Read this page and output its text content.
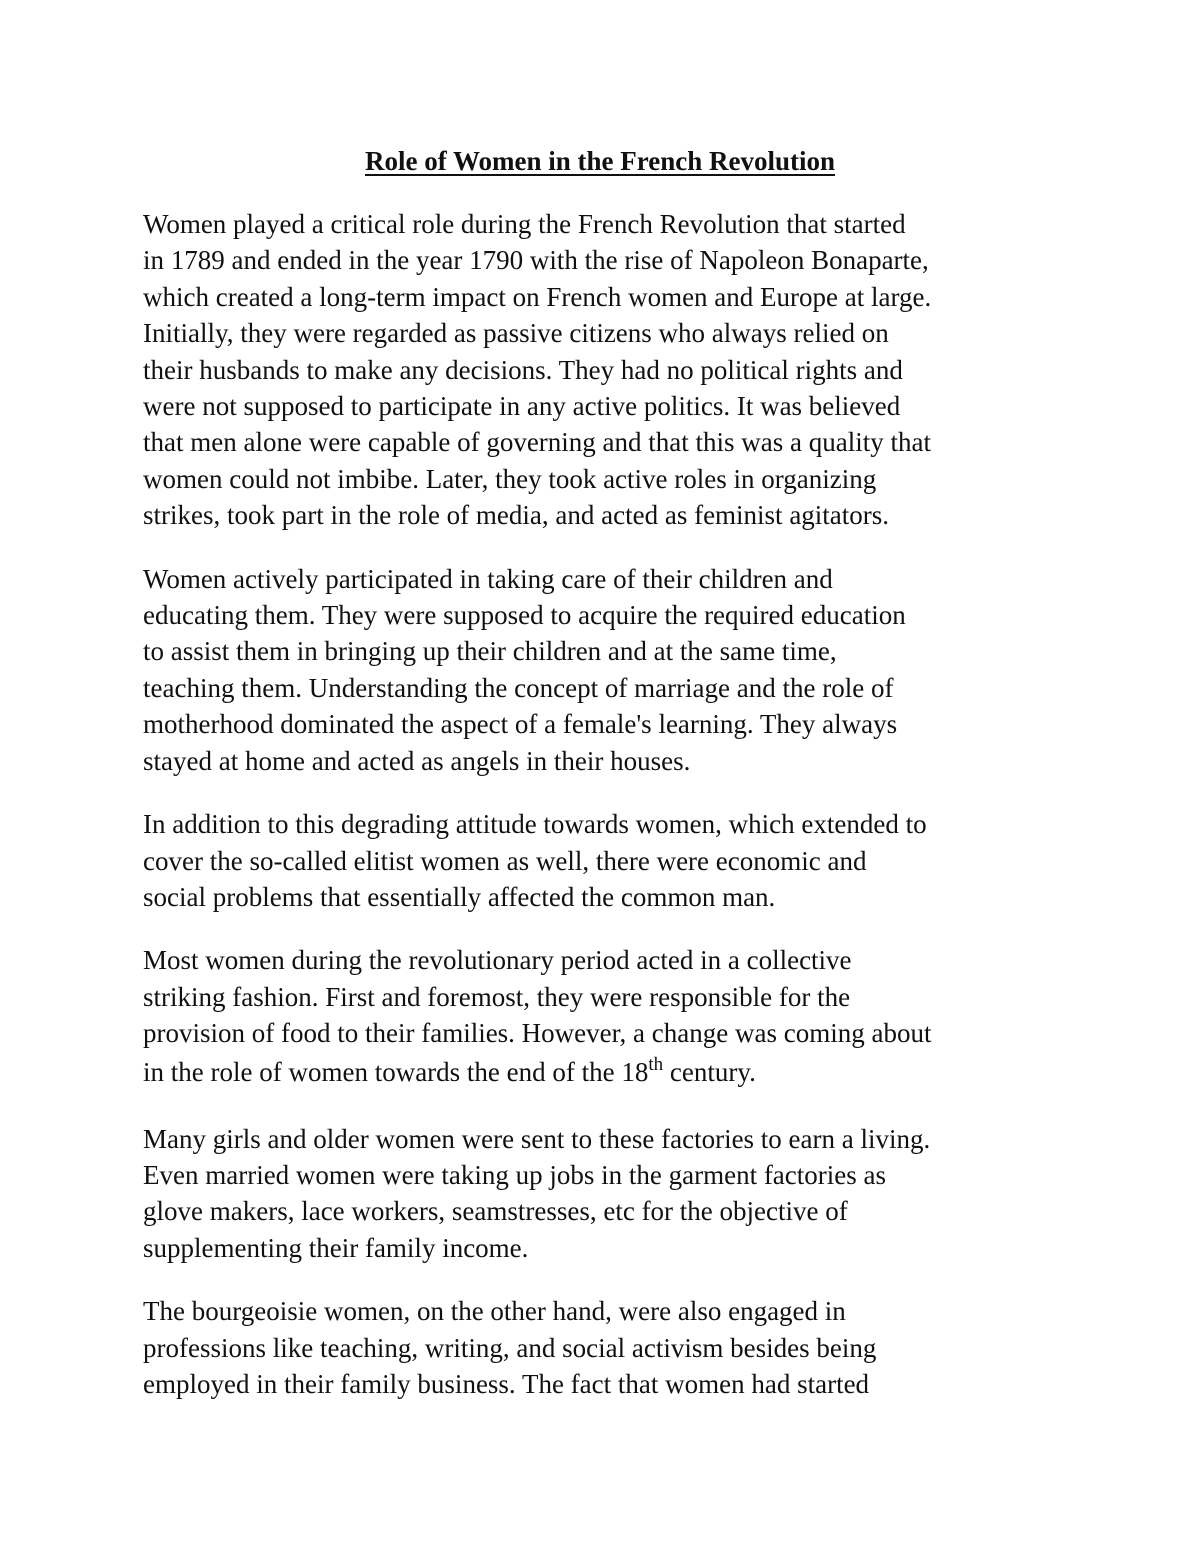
Role of Women in the French Revolution

Women played a critical role during the French Revolution that started
in 1789 and ended in the year 1790 with the rise of Napoleon Bonaparte,
which created a long-term impact on French women and Europe at large.
Initially, they were regarded as passive citizens who always relied on
their husbands to make any decisions. They had no political rights and
were not supposed to participate in any active politics. It was believed
that men alone were capable of governing and that this was a quality that
women could not imbibe. Later, they took active roles in organizing
strikes, took part in the role of media, and acted as feminist agitators.

Women actively participated in taking care of their children and
educating them. They were supposed to acquire the required education
to assist them in bringing up their children and at the same time,
teaching them. Understanding the concept of marriage and the role of
motherhood dominated the aspect of a female's learning. They always
stayed at home and acted as angels in their houses.

In addition to this degrading attitude towards women, which extended to
cover the so-called elitist women as well, there were economic and
social problems that essentially affected the common man.

Most women during the revolutionary period acted in a collective
striking fashion. First and foremost, they were responsible for the
provision of food to their families. However, a change was coming about
in the role of women towards the end of the 18th century.

Many girls and older women were sent to these factories to earn a living.
Even married women were taking up jobs in the garment factories as
glove makers, lace workers, seamstresses, etc for the objective of
supplementing their family income.

The bourgeoisie women, on the other hand, were also engaged in
professions like teaching, writing, and social activism besides being
employed in their family business. The fact that women had started
